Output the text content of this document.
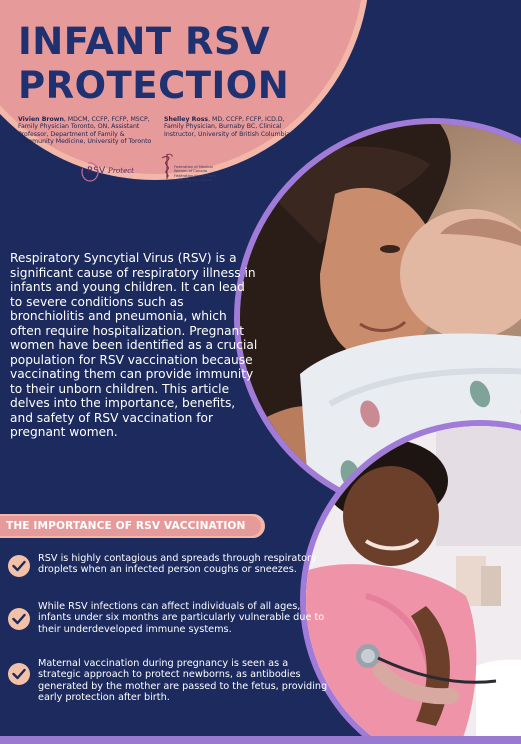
INFANT RSV
PROTECTION
Vivien Brown, MDCM, CCFP, FCFP, MSCP, Family Physician Toronto, ON, Assistant Professor, Department of Family & Community Medicine, University of Toronto
Shelley Ross, MD, CCFP, FCFP, ICD.D, Family Physician, Burnaby BC, Clinical Instructor, University of British Columbia
RSV Protect	Federation of Medical
Women of Canada
Fédération des femmes
médecins du Canada
Respiratory Syncytial Virus (RSV) is a significant cause of respiratory illness in infants and young children. It can lead to severe conditions such as bronchiolitis and pneumonia, which often require hospitalization. Pregnant women have been identified as a crucial population for RSV vaccination because vaccinating them can provide immunity to their unborn children. This article delves into the importance, benefits, and safety of RSV vaccination for pregnant women.
THE IMPORTANCE OF RSV VACCINATION
RSV is highly contagious and spreads through respiratory droplets when an infected person coughs or sneezes.
While RSV infections can affect individuals of all ages, infants under six months are particularly vulnerable due to their underdeveloped immune systems.
Maternal vaccination during pregnancy is seen as a strategic approach to protect newborns, as antibodies generated by the mother are passed to the fetus, providing early protection after birth.
